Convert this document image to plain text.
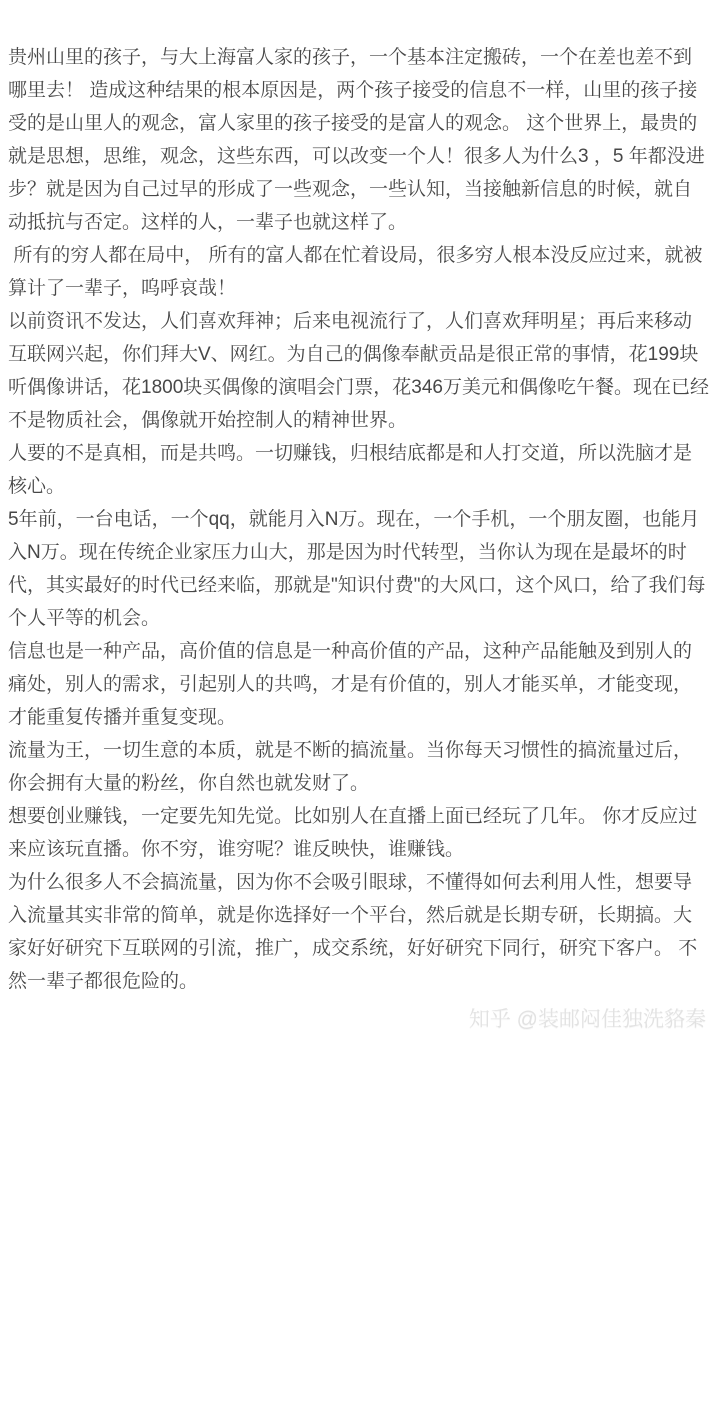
贵州山里的孩子，与大上海富人家的孩子，一个基本注定搬砖，一个在差也差不到哪里去！ 造成这种结果的根本原因是，两个孩子接受的信息不一样，山里的孩子接受的是山里人的观念，富人家里的孩子接受的是富人的观念。 这个世界上，最贵的就是思想，思维，观念，这些东西，可以改变一个人！很多人为什么3 ，5 年都没进步？就是因为自己过早的形成了一些观念，一些认知，当接触新信息的时候，就自动抵抗与否定。这样的人，一辈子也就这样了。

所有的穷人都在局中， 所有的富人都在忙着设局，很多穷人根本没反应过来，就被算计了一辈子，呜呼哀哉！

以前资讯不发达，人们喜欢拜神；后来电视流行了，人们喜欢拜明星；再后来移动互联网兴起，你们拜大V、网红。为自己的偶像奉献贡品是很正常的事情，花199块听偶像讲话，花1800块买偶像的演唱会门票，花346万美元和偶像吃午餐。现在已经不是物质社会，偶像就开始控制人的精神世界。

人要的不是真相，而是共鸣。一切赚钱，归根结底都是和人打交道，所以洗脑才是核心。

5年前，一台电话，一个qq，就能月入N万。现在，一个手机，一个朋友圈，也能月入N万。现在传统企业家压力山大，那是因为时代转型，当你认为现在是最坏的时代，其实最好的时代已经来临，那就是"知识付费"的大风口，这个风口，给了我们每个人平等的机会。

信息也是一种产品，高价值的信息是一种高价值的产品，这种产品能触及到别人的痛处，别人的需求，引起别人的共鸣，才是有价值的，别人才能买单，才能变现，才能重复传播并重复变现。

流量为王，一切生意的本质，就是不断的搞流量。当你每天习惯性的搞流量过后，你会拥有大量的粉丝，你自然也就发财了。

想要创业赚钱，一定要先知先觉。比如别人在直播上面已经玩了几年。 你才反应过 来应该玩直播。你不穷，谁穷呢？谁反映快，谁赚钱。

为什么很多人不会搞流量，因为你不会吸引眼球，不懂得如何去利用人性，想要导入流量其实非常的简单，就是你选择好一个平台，然后就是长期专研，长期搞。大家好好研究下互联网的引流，推广，成交系统，好好研究下同行，研究下客户。 不然一辈子都很危险的。

知乎 @装邮闷佳独洗貉秦
